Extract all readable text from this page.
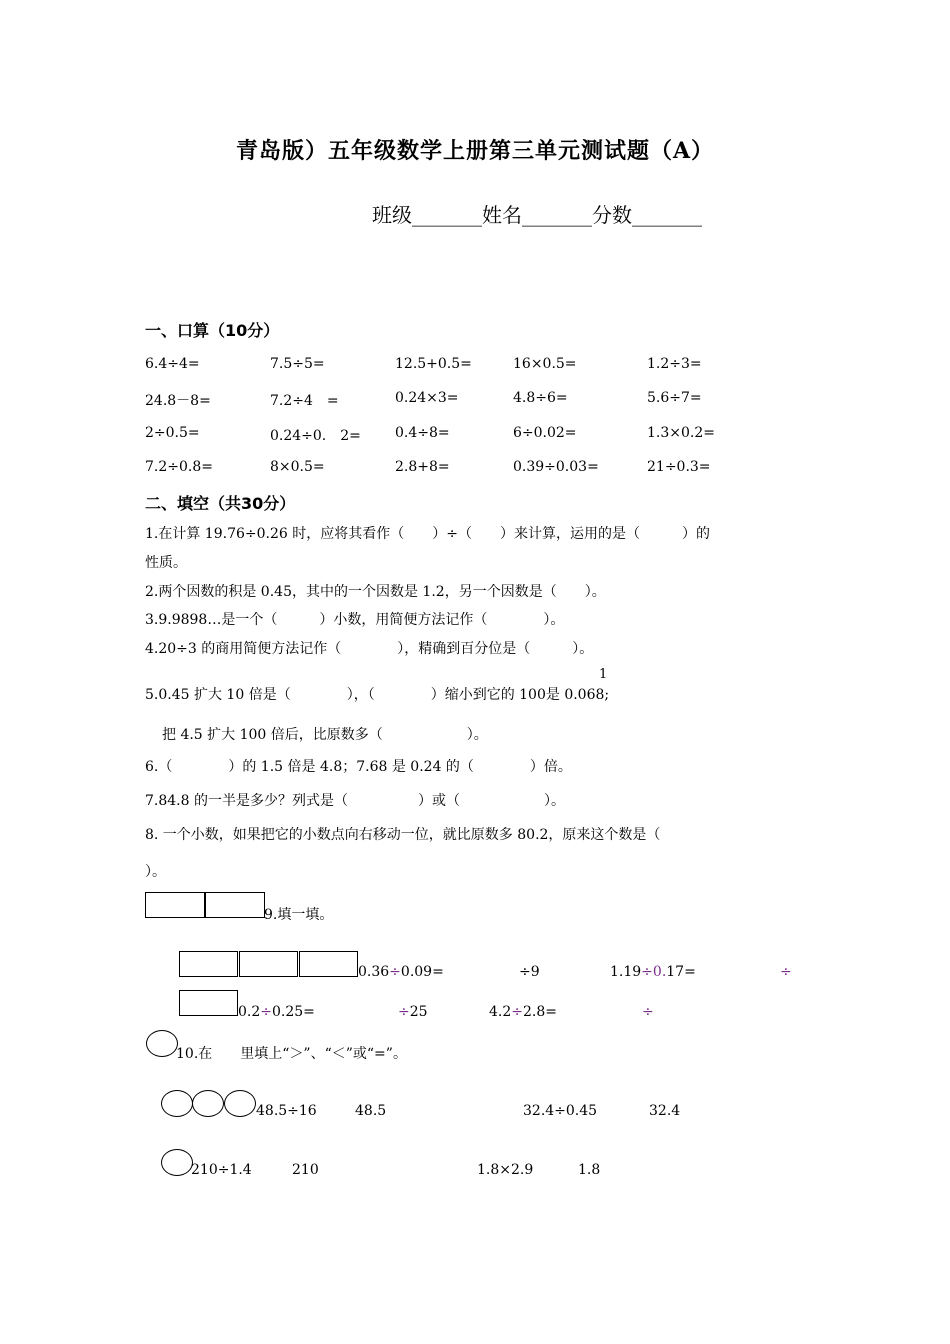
青岛版）五年级数学上册第三单元测试题（A）
班级_______姓名_______分数_______
一、口算（10分）
6.4÷4=	7.5÷5=	12.5+0.5=	16×0.5=	1.2÷3=
24.8－8=	7.2÷4　=	0.24×3=	4.8÷6=	5.6÷7=
2÷0.5=	0.24÷0.　2= 0.4÷8=	6÷0.02=	1.3×0.2=
7.2÷0.8=	8×0.5=	2.8+8=	0.39÷0.03=	21÷0.3=
二、填空（共30分）
1.在计算 19.76÷0.26 时，应将其看作（　　）÷（　　）来计算，运用的是（　　　）的
性质。
2.两个因数的积是 0.45，其中的一个因数是 1.2，另一个因数是（　　）。
3.9.9898…是一个（　　　）小数，用简便方法记作（　　　　）。
4.20÷3 的商用简便方法记作（　　　　），精确到百分位是（　　　）。
1
5.0.45 扩大 10 倍是（　　　　），（　　　　）缩小到它的 100是 0.068;
把 4.5 扩大 100 倍后，比原数多（　　　　　　）。
6.（　　　　）的 1.5 倍是 4.8；7.68 是 0.24 的（　　　　）倍。
7.84.8 的一半是多少？列式是（　　　　　）或（　　　　　　）。
8. 一个小数，如果把它的小数点向右移动一位，就比原数多 80.2，原来这个数是（
）。
9.填一填。
0.36÷0.09=	÷9	1.19÷0.17=	÷
0.2÷0.25=	÷25	4.2÷2.8=	÷
10.在　　里填上“＞”、“＜”或“=”。
48.5÷16	48.5	32.4÷0.45	32.4
210÷1.4	210	1.8×2.9	1.8
